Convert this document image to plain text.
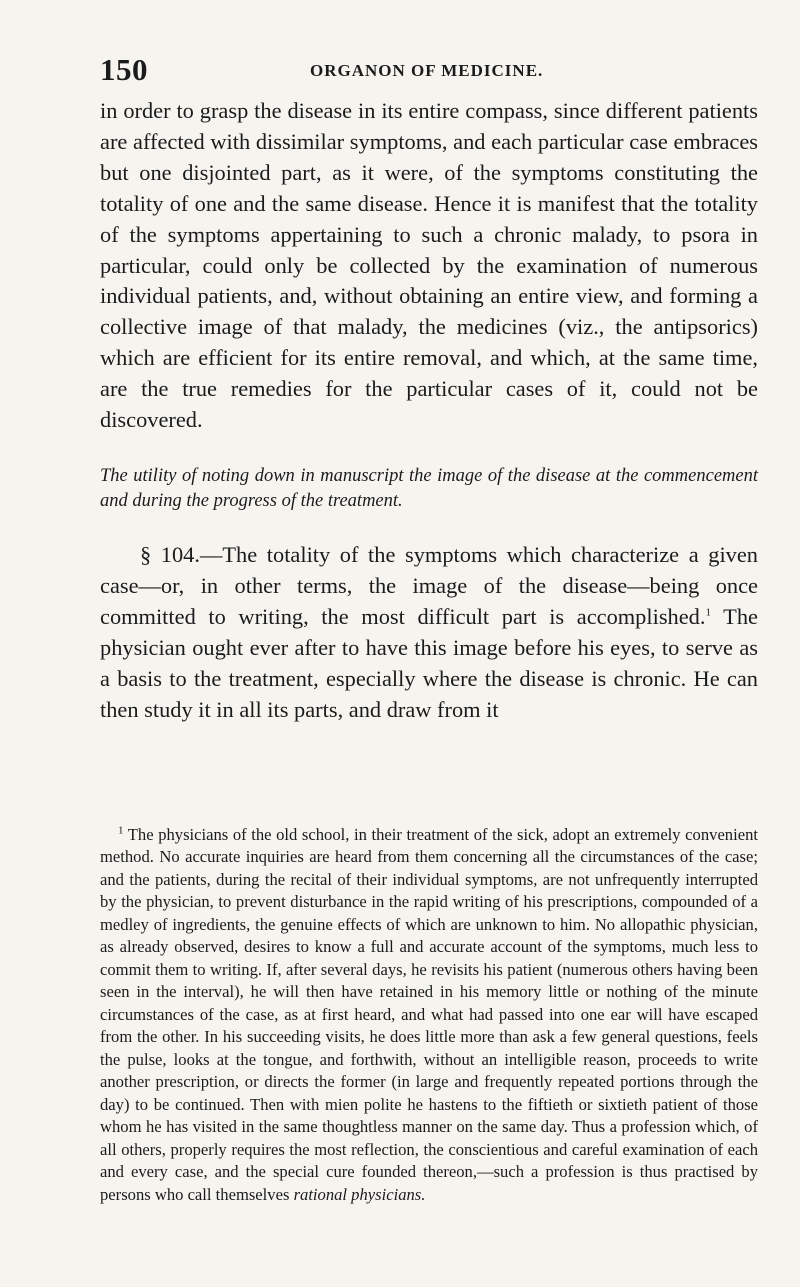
150	ORGANON OF MEDICINE.

in order to grasp the disease in its entire compass, since different patients are affected with dissimilar symptoms, and each particular case embraces but one disjointed part, as it were, of the symptoms constituting the totality of one and the same disease. Hence it is manifest that the totality of the symptoms appertaining to such a chronic malady, to psora in particular, could only be collected by the examination of numerous individual patients, and, without obtaining an entire view, and forming a collective image of that malady, the medicines (viz., the antipsorics) which are efficient for its entire removal, and which, at the same time, are the true remedies for the particular cases of it, could not be discovered.

The utility of noting down in manuscript the image of the disease at the commencement and during the progress of the treatment.

§ 104.—The totality of the symptoms which characterize a given case—or, in other terms, the image of the disease—being once committed to writing, the most difficult part is accomplished.$^1$ The physician ought ever after to have this image before his eyes, to serve as a basis to the treatment, especially where the disease is chronic. He can then study it in all its parts, and draw from it

$^1$ The physicians of the old school, in their treatment of the sick, adopt an extremely convenient method. No accurate inquiries are heard from them concerning all the circumstances of the case; and the patients, during the recital of their individual symptoms, are not unfrequently interrupted by the physician, to prevent disturbance in the rapid writing of his prescriptions, compounded of a medley of ingredients, the genuine effects of which are unknown to him. No allopathic physician, as already observed, desires to know a full and accurate account of the symptoms, much less to commit them to writing. If, after several days, he revisits his patient (numerous others having been seen in the interval), he will then have retained in his memory little or nothing of the minute circumstances of the case, as at first heard, and what had passed into one ear will have escaped from the other. In his succeeding visits, he does little more than ask a few general questions, feels the pulse, looks at the tongue, and forthwith, without an intelligible reason, proceeds to write another prescription, or directs the former (in large and frequently repeated portions through the day) to be continued. Then with mien polite he hastens to the fiftieth or sixtieth patient of those whom he has visited in the same thoughtless manner on the same day. Thus a profession which, of all others, properly requires the most reflection, the conscientious and careful examination of each and every case, and the special cure founded thereon,—such a profession is thus practised by persons who call themselves rational physicians.
